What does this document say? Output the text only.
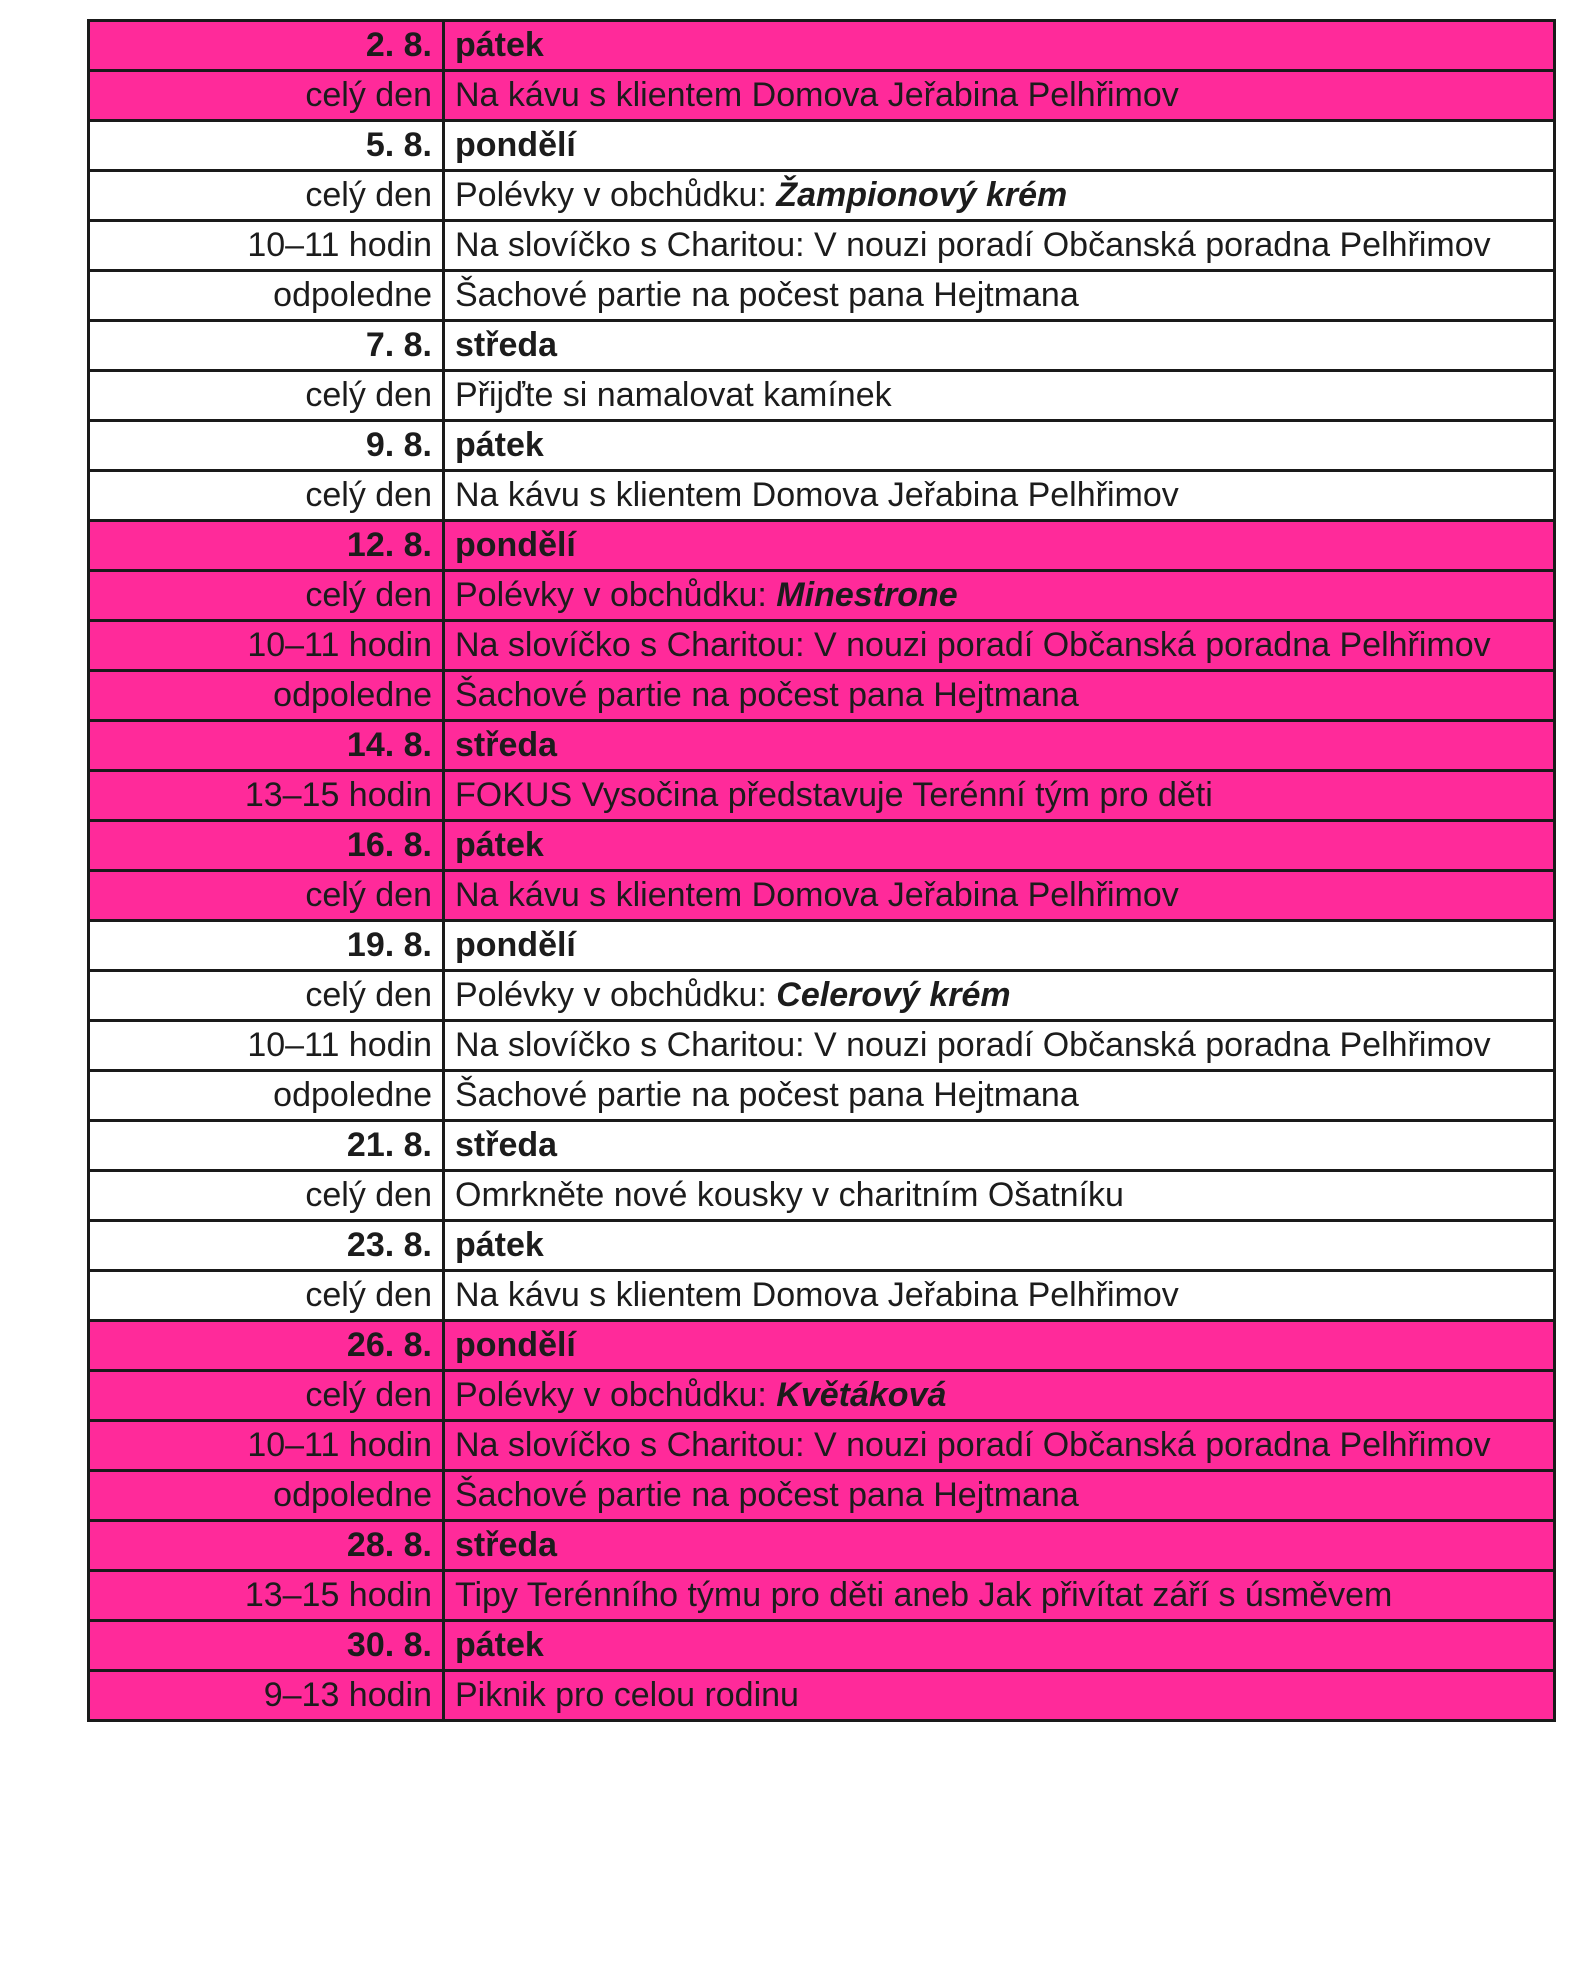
2. 8.	pátek
celý den	Na kávu s klientem Domova Jeřabina Pelhřimov
5. 8.	pondělí
celý den	Polévky v obchůdku: Žampionový krém
10–11 hodin	Na slovíčko s Charitou: V nouzi poradí Občanská poradna Pelhřimov
odpoledne	Šachové partie na počest pana Hejtmana
7. 8.	středa
celý den	Přijďte si namalovat kamínek
9. 8.	pátek
celý den	Na kávu s klientem Domova Jeřabina Pelhřimov
12. 8.	pondělí
celý den	Polévky v obchůdku: Minestrone
10–11 hodin	Na slovíčko s Charitou: V nouzi poradí Občanská poradna Pelhřimov
odpoledne	Šachové partie na počest pana Hejtmana
14. 8.	středa
13–15 hodin	FOKUS Vysočina představuje Terénní tým pro děti
16. 8.	pátek
celý den	Na kávu s klientem Domova Jeřabina Pelhřimov
19. 8.	pondělí
celý den	Polévky v obchůdku: Celerový krém
10–11 hodin	Na slovíčko s Charitou: V nouzi poradí Občanská poradna Pelhřimov
odpoledne	Šachové partie na počest pana Hejtmana
21. 8.	středa
celý den	Omrkněte nové kousky v charitním Ošatníku
23. 8.	pátek
celý den	Na kávu s klientem Domova Jeřabina Pelhřimov
26. 8.	pondělí
celý den	Polévky v obchůdku: Květáková
10–11 hodin	Na slovíčko s Charitou: V nouzi poradí Občanská poradna Pelhřimov
odpoledne	Šachové partie na počest pana Hejtmana
28. 8.	středa
13–15 hodin	Tipy Terénního týmu pro děti aneb Jak přivítat září s úsměvem
30. 8.	pátek
9–13 hodin	Piknik pro celou rodinu
